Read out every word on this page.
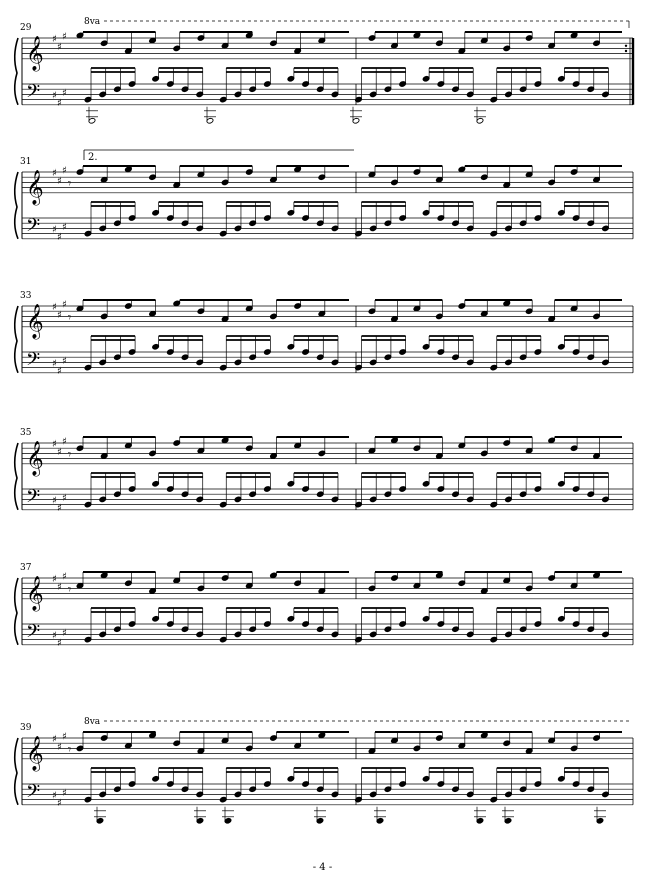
𝄞
𝄢
♯
♯
♯
♯
♯
♯
29
8va
𝄞
𝄢
♯
♯
♯
♯
♯
♯
31	2.
𝄾
𝄞
𝄢
♯
♯
♯
♯
♯
♯
33
𝄾
𝄞
𝄢
♯
♯
♯
♯
♯
♯
35
𝄾
𝄞
𝄢
♯
♯
♯
♯
♯
♯
37
𝄾
𝄞
𝄢
♯
♯
♯
♯
♯
♯
39
8va
𝄾
- 4 -
